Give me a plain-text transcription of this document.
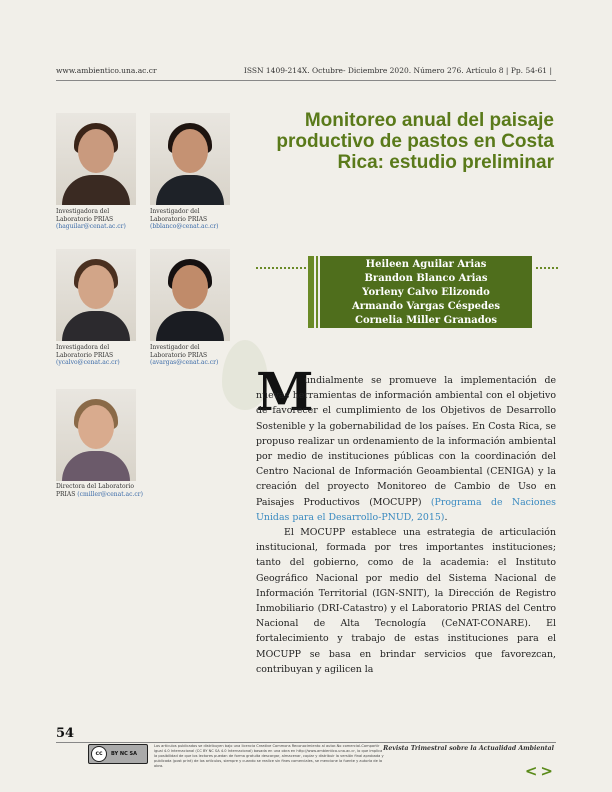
www.ambientico.una.ac.cr	ISSN 1409-214X. Octubre- Diciembre 2020. Número 276. Artículo 8 | Pp. 54-61 |
Monitoreo anual del paisaje productivo de pastos en Costa Rica: estudio preliminar
Investigadora del
Laboratorio PRIAS
(haguilar@cenat.ac.cr)
Investigador del
Laboratorio PRIAS
(bblanco@cenat.ac.cr)
Investigadora del
Laboratorio PRIAS
(ycalvo@cenat.ac.cr)
Investigador del
Laboratorio PRIAS
(avargas@cenat.ac.cr)
Directora del Laboratorio
PRIAS (cmiller@cenat.ac.cr)
Heileen Aguilar Arias
Brandon Blanco Arias
Yorleny Calvo Elizondo
Armando Vargas Céspedes
Cornelia Miller Granados
M

undialmente se promueve la implementación de nuevas herramientas de información ambiental con el objetivo de favorecer el cumplimiento de los Objetivos de Desarrollo Sostenible y la gobernabilidad de los países. En Costa Rica, se propuso realizar un ordenamiento de la información ambiental por medio de instituciones públicas con la coordinación del Centro Nacional de Información Geoambiental (CENIGA) y la creación del proyecto Monitoreo de Cambio de Uso en Paisajes Productivos (MOCUPP) (Programa de Naciones Unidas para el Desarrollo-PNUD, 2015).

El MOCUPP establece una estrategia de articulación institucional, formada por tres importantes instituciones; tanto del gobierno, como de la academia: el Instituto Geográfico Nacional por medio del Sistema Nacional de Información Territorial (IGN-SNIT), la Dirección de Registro Inmobiliario (DRI-Catastro) y el Laboratorio PRIAS del Centro Nacional de Alta Tecnología (CeNAT-CONARE). El fortalecimiento y trabajo de estas instituciones para el MOCUPP se basa en brindar servicios que favorezcan, contribuyan y agilicen la

54
cc	BY NC SA
Los artículos publicados se distribuyen bajo una licencia Creative Commons Reconocimiento al autor-No comercial-Compartir igual 4.0 Internacional (CC BY NC SA 4.0 Internacional) basada en una obra en http://www.ambientico.una.ac.cr, lo que implica la posibilidad de que los lectores puedan de forma gratuita descargar, almacenar, copiar y distribuir la versión final aprobada y publicada (post print) de los artículos, siempre y cuando se realice sin fines comerciales, se mencione la fuente y autoría de la obra.
Revista Trimestral sobre la Actualidad Ambiental
<>
